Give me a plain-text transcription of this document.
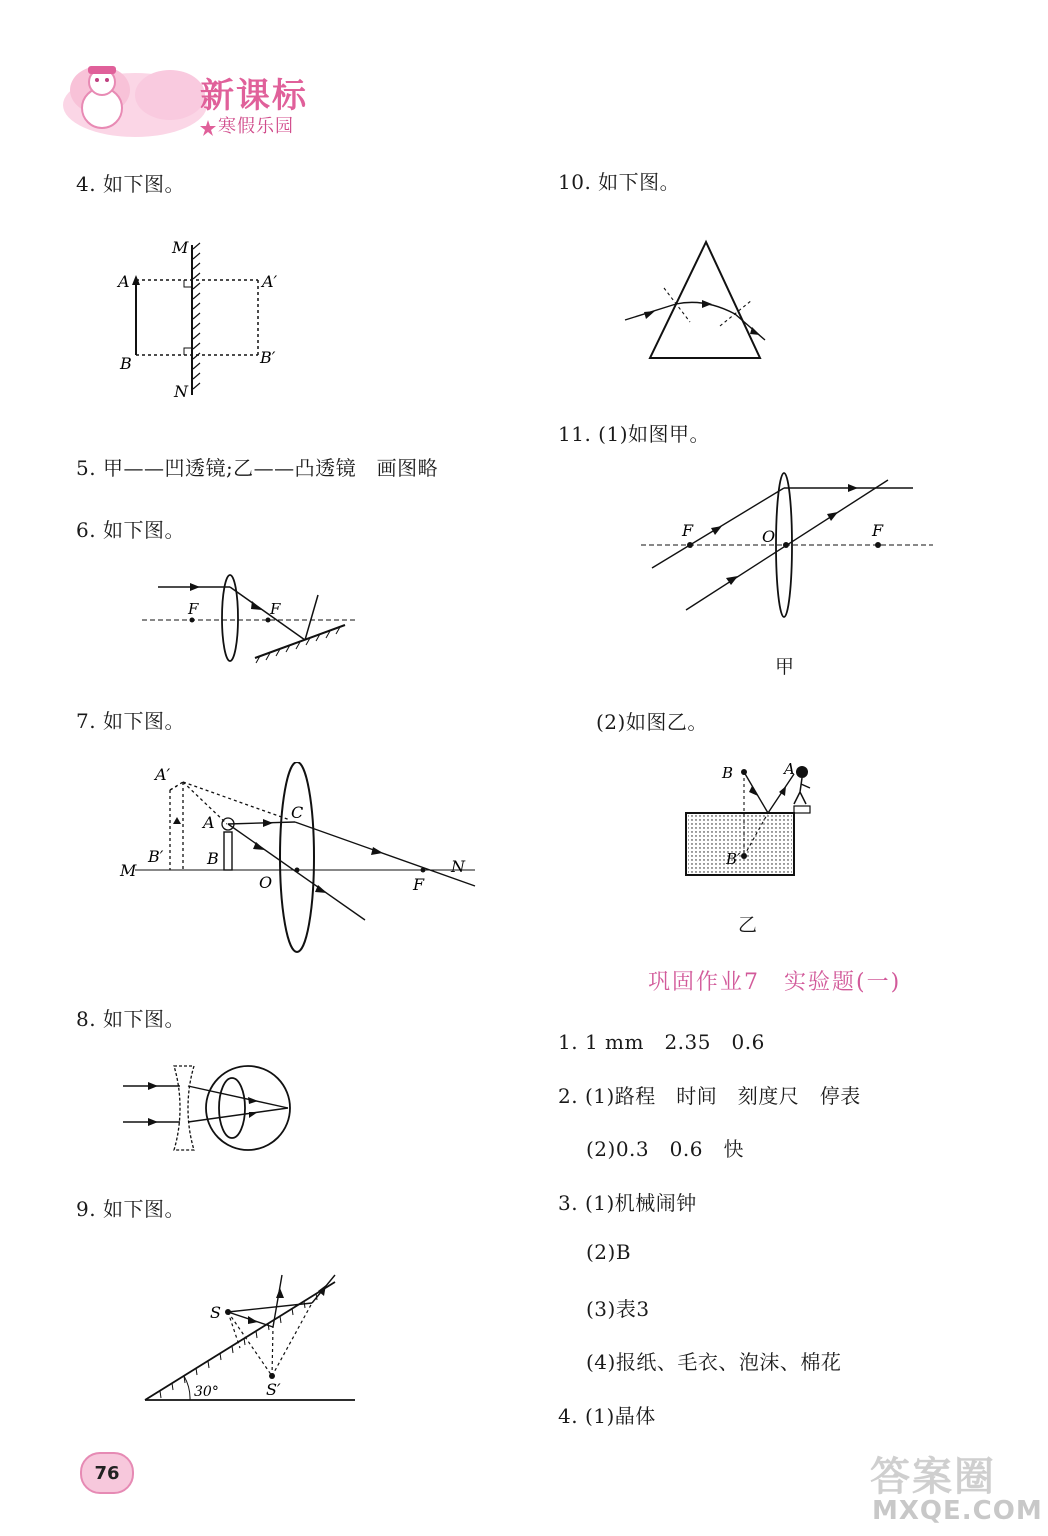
新课标
寒假乐园
4. 如下图。
M
N
A
B
A′
B′
5. 甲——凹透镜;乙——凸透镜　画图略
6. 如下图。
F	F
7. 如下图。
A′
A
C
B′	B
M
O	F
N
8. 如下图。
9. 如下图。
S
S′
30°
10. 如下图。
11. (1)如图甲。
F	O	F
甲
(2)如图乙。
B	A
B′
乙
巩固作业7　实验题(一)
1. 1 mm　2.35　0.6
2. (1)路程　时间　刻度尺　停表
(2)0.3　0.6　快
3. (1)机械闹钟
(2)B
(3)表3
(4)报纸、毛衣、泡沫、棉花
4. (1)晶体
76	答案圈
MXQE.COM
